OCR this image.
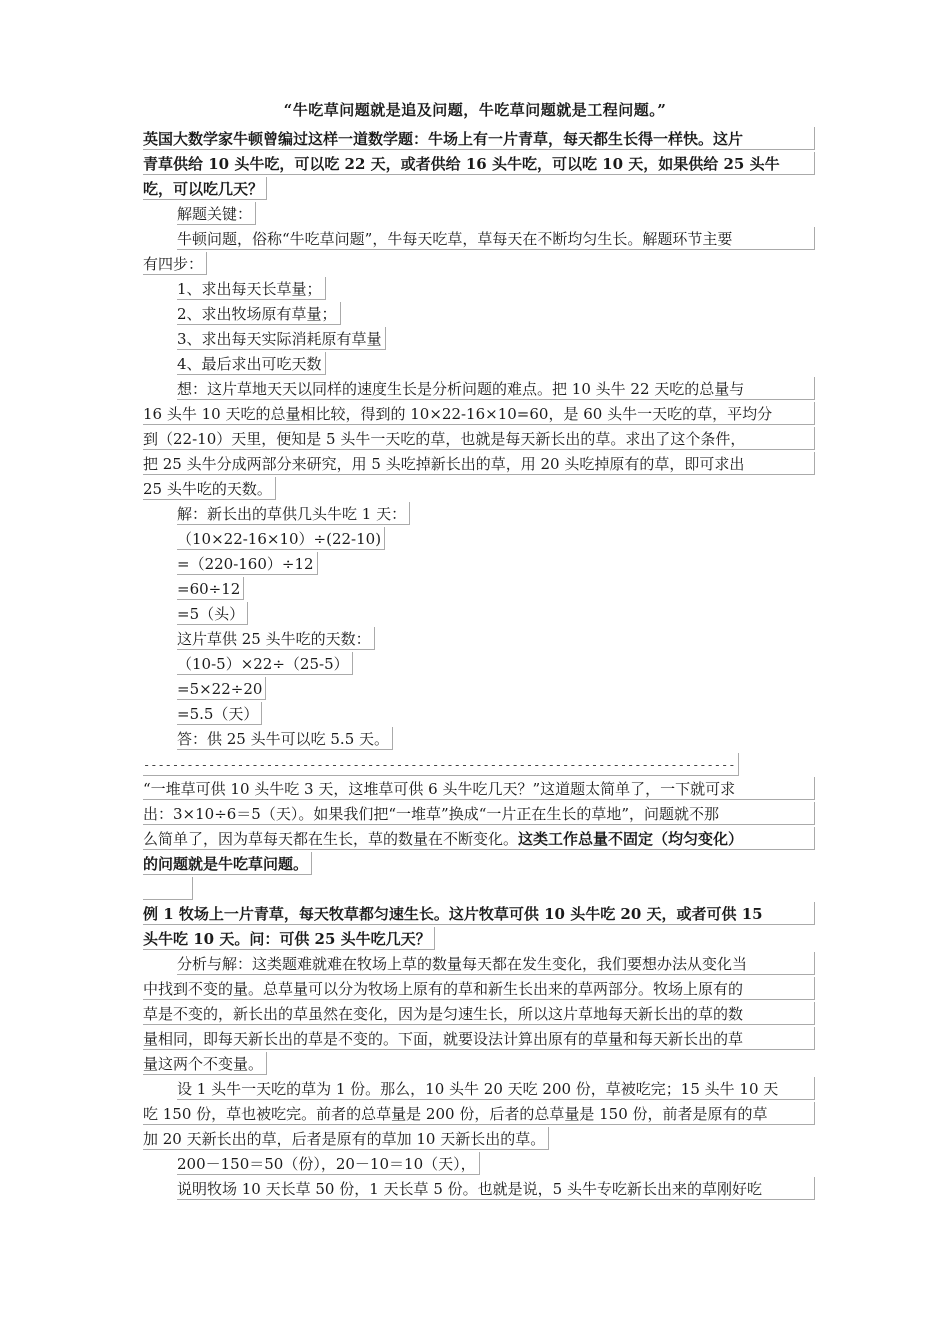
“牛吃草问题就是追及问题，牛吃草问题就是工程问题。”
英国大数学家牛顿曾编过这样一道数学题：牛场上有一片青草，每天都生长得一样快。这片
青草供给 10 头牛吃，可以吃 22 天，或者供给 16 头牛吃，可以吃 10 天，如果供给 25 头牛
吃，可以吃几天？
解题关键：
牛顿问题，俗称“牛吃草问题”，牛每天吃草，草每天在不断均匀生长。解题环节主要
有四步：
1、求出每天长草量；
2、求出牧场原有草量；
3、求出每天实际消耗原有草量
4、最后求出可吃天数
想：这片草地天天以同样的速度生长是分析问题的难点。把 10 头牛 22 天吃的总量与
16 头牛 10 天吃的总量相比较，得到的 10×22-16×10=60，是 60 头牛一天吃的草，平均分
到（22-10）天里，便知是 5 头牛一天吃的草，也就是每天新长出的草。求出了这个条件，
把 25 头牛分成两部分来研究，用 5 头吃掉新长出的草，用 20 头吃掉原有的草，即可求出
25 头牛吃的天数。
解：新长出的草供几头牛吃 1 天：
（10×22-16×10）÷(22-10)
=（220-160）÷12
=60÷12
=5（头）
这片草供 25 头牛吃的天数：
（10-5）×22÷（25-5）
=5×22÷20
=5.5（天）
答：供 25 头牛可以吃 5.5 天。
----------------------------------------------------------------------------------
“一堆草可供 10 头牛吃 3 天，这堆草可供 6 头牛吃几天？”这道题太简单了，一下就可求
出：3×10÷6＝5（天）。如果我们把“一堆草”换成“一片正在生长的草地”，问题就不那
么简单了，因为草每天都在生长，草的数量在不断变化。这类工作总量不固定（均匀变化）
的问题就是牛吃草问题。
例 1 牧场上一片青草，每天牧草都匀速生长。这片牧草可供 10 头牛吃 20 天，或者可供 15
头牛吃 10 天。问：可供 25 头牛吃几天？
分析与解：这类题难就难在牧场上草的数量每天都在发生变化，我们要想办法从变化当
中找到不变的量。总草量可以分为牧场上原有的草和新生长出来的草两部分。牧场上原有的
草是不变的，新长出的草虽然在变化，因为是匀速生长，所以这片草地每天新长出的草的数
量相同，即每天新长出的草是不变的。下面，就要设法计算出原有的草量和每天新长出的草
量这两个不变量。
设 1 头牛一天吃的草为 1 份。那么，10 头牛 20 天吃 200 份，草被吃完；15 头牛 10 天
吃 150 份，草也被吃完。前者的总草量是 200 份，后者的总草量是 150 份，前者是原有的草
加 20 天新长出的草，后者是原有的草加 10 天新长出的草。
200－150＝50（份），20－10＝10（天），
说明牧场 10 天长草 50 份，1 天长草 5 份。也就是说，5 头牛专吃新长出来的草刚好吃
